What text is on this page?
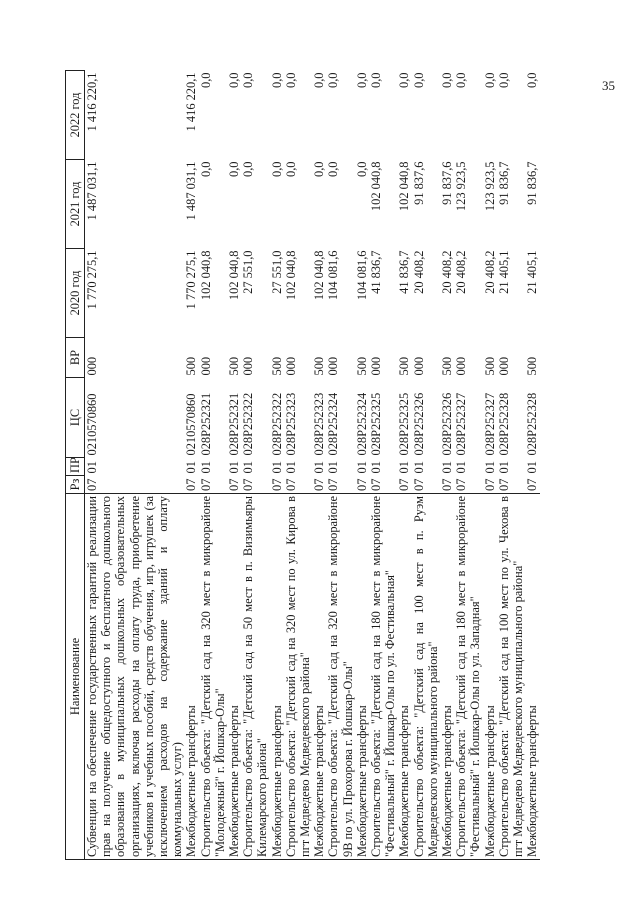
35
Наименование	Рз	ПР	ЦС	ВР	2020 год	2021 год	2022 год
Субвенции на обеспечение государственных гарантий реализации прав на получение общедоступного и бесплатного дошкольного образования в муниципальных дошкольных образовательных организациях, включая расходы на оплату труда, приобретение учебников и учебных пособий, средств обучения, игр, игрушек (за исключением расходов на содержание зданий и оплату коммунальных услуг)	07	01	0210570860	000	1 770 275,1	1 487 031,1	1 416 220,1
Межбюджетные трансферты	07	01	0210570860	500	1 770 275,1	1 487 031,1	1 416 220,1
Строительство объекта: "Детский сад на 320 мест в микрорайоне "Молодежный" г. Йошкар-Олы"	07	01	028P252321	000	102 040,8	0,0	0,0
Межбюджетные трансферты	07	01	028P252321	500	102 040,8	0,0	0,0
Строительство объекта: "Детский сад на 50 мест в п. Визимьяры Килемарского района"	07	01	028P252322	000	27 551,0	0,0	0,0
Межбюджетные трансферты	07	01	028P252322	500	27 551,0	0,0	0,0
Строительство объекта: "Детский сад на 320 мест по ул. Кирова в пгт Медведево Медведевского района"	07	01	028P252323	000	102 040,8	0,0	0,0
Межбюджетные трансферты	07	01	028P252323	500	102 040,8	0,0	0,0
Строительство объекта: "Детский сад на 320 мест в микрорайоне 9В по ул. Прохорова г. Йошкар-Олы"	07	01	028P252324	000	104 081,6	0,0	0,0
Межбюджетные трансферты	07	01	028P252324	500	104 081,6	0,0	0,0
Строительство объекта: "Детский сад на 180 мест в микрорайоне "Фестивальный" г. Йошкар-Олы по ул. Фестивальная"	07	01	028P252325	000	41 836,7	102 040,8	0,0
Межбюджетные трансферты	07	01	028P252325	500	41 836,7	102 040,8	0,0
Строительство объекта: "Детский сад на 100 мест в п. Руэм Медведевского муниципального района"	07	01	028P252326	000	20 408,2	91 837,6	0,0
Межбюджетные трансферты	07	01	028P252326	500	20 408,2	91 837,6	0,0
Строительство объекта: "Детский сад на 180 мест в микрорайоне "Фестивальный" г. Йошкар-Олы по ул. Западная"	07	01	028P252327	000	20 408,2	123 923,5	0,0
Межбюджетные трансферты	07	01	028P252327	500	20 408,2	123 923,5	0,0
Строительство объекта: "Детский сад на 100 мест по ул. Чехова в пгт Медведево Медведевского муниципального района"	07	01	028P252328	000	21 405,1	91 836,7	0,0
Межбюджетные трансферты	07	01	028P252328	500	21 405,1	91 836,7	0,0
